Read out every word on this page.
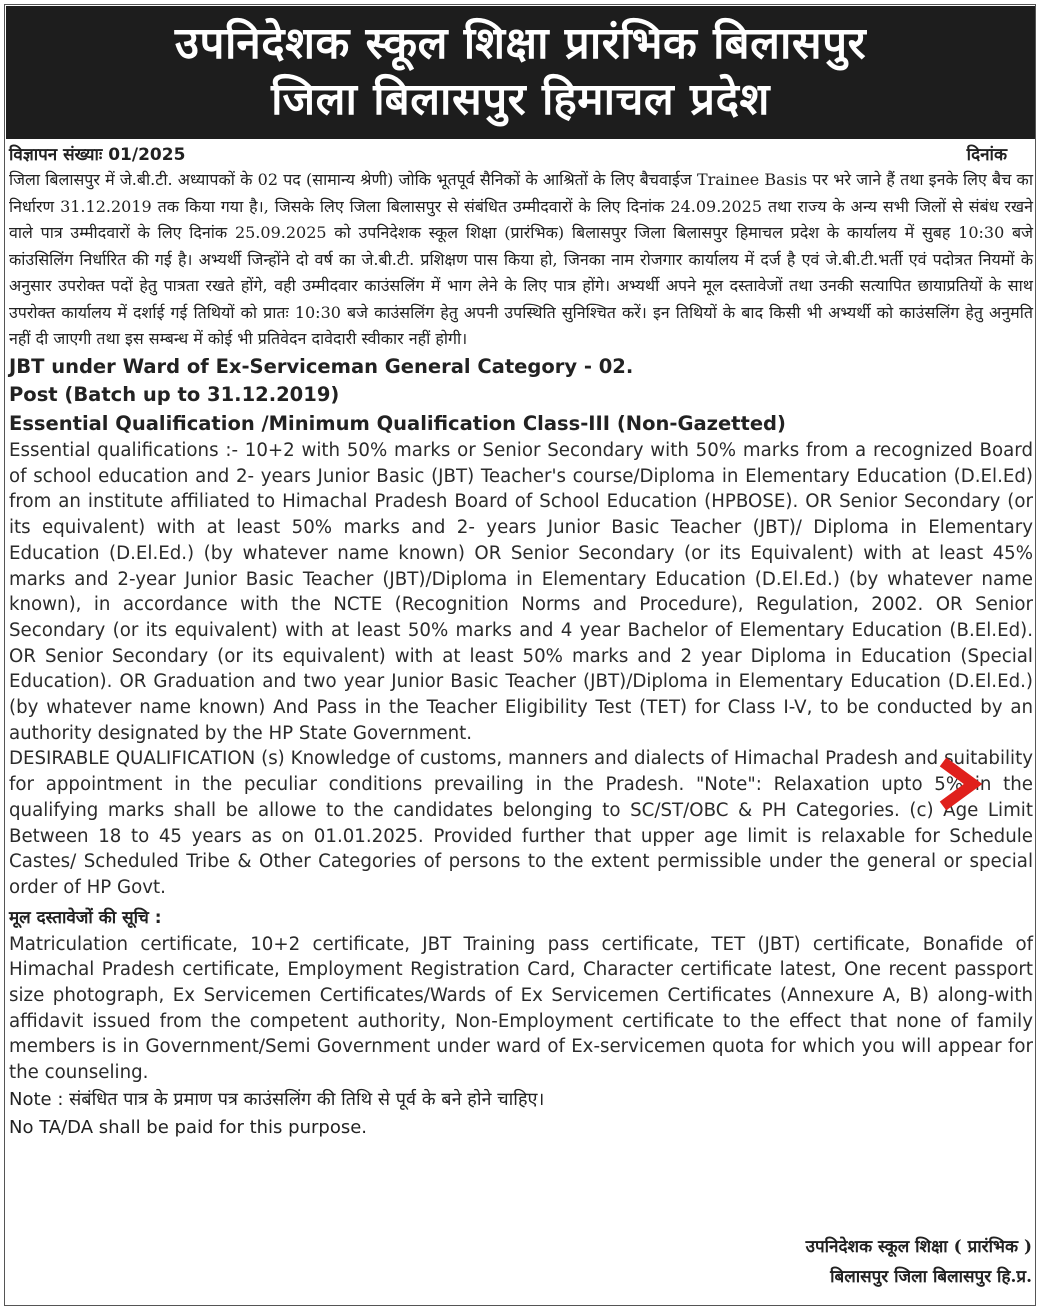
उपनिदेशक स्कूल शिक्षा प्रारंभिक बिलासपुर
जिला बिलासपुर हिमाचल प्रदेश
विज्ञापन संख्याः 01/2025	दिनांक
जिला बिलासपुर में जे.बी.टी. अध्यापकों के 02 पद (सामान्य श्रेणी) जोकि भूतपूर्व सैनिकों के आश्रितों के लिए बैचवाईज Trainee Basis पर भरे जाने हैं तथा इनके लिए बैच का निर्धारण 31.12.2019 तक किया गया है।, जिसके लिए जिला बिलासपुर से संबंधित उम्मीदवारों के लिए दिनांक 24.09.2025 तथा राज्य के अन्य सभी जिलों से संबंध रखने वाले पात्र उम्मीदवारों के लिए दिनांक 25.09.2025 को उपनिदेशक स्कूल शिक्षा (प्रारंभिक) बिलासपुर जिला बिलासपुर हिमाचल प्रदेश के कार्यालय में सुबह 10:30 बजे कांउसिलिंग निर्धारित की गई है। अभ्यर्थी जिन्होंने दो वर्ष का जे.बी.टी. प्रशिक्षण पास किया हो, जिनका नाम रोजगार कार्यालय में दर्ज है एवं जे.बी.टी.भर्ती एवं पदोत्रत नियमों के अनुसार उपरोक्त पदों हेतु पात्रता रखते होंगे, वही उम्मीदवार काउंसलिंग में भाग लेने के लिए पात्र होंगे। अभ्यर्थी अपने मूल दस्तावेजों तथा उनकी सत्यापित छायाप्रतियों के साथ उपरोक्त कार्यालय में दर्शाई गई तिथियों को प्रातः 10:30 बजे काउंसलिंग हेतु अपनी उपस्थिति सुनिश्चित करें। इन तिथियों के बाद किसी भी अभ्यर्थी को काउंसलिंग हेतु अनुमति नहीं दी जाएगी तथा इस सम्बन्ध में कोई भी प्रतिवेदन दावेदारी स्वीकार नहीं होगी।
JBT under Ward of Ex-Serviceman General Category - 02.
Post (Batch up to 31.12.2019)
Essential Qualification /Minimum Qualification Class-III (Non-Gazetted)
Essential qualifications :- 10+2 with 50% marks or Senior Secondary with 50% marks from a recognized Board of school education and 2- years Junior Basic (JBT) Teacher's course/Diploma in Elementary Education (D.El.Ed) from an institute affiliated to Himachal Pradesh Board of School Education (HPBOSE). OR Senior Secondary (or its equivalent) with at least 50% marks and 2- years Junior Basic Teacher (JBT)/ Diploma in Elementary Education (D.El.Ed.) (by whatever name known) OR Senior Secondary (or its Equivalent) with at least 45% marks and 2-year Junior Basic Teacher (JBT)/Diploma in Elementary Education (D.El.Ed.) (by whatever name known), in accordance with the NCTE (Recognition Norms and Procedure), Regulation, 2002. OR Senior Secondary (or its equivalent) with at least 50% marks and 4 year Bachelor of Elementary Education (B.El.Ed). OR Senior Secondary (or its equivalent) with at least 50% marks and 2 year Diploma in Education (Special Education). OR Graduation and two year Junior Basic Teacher (JBT)/Diploma in Elementary Education (D.El.Ed.) (by whatever name known) And Pass in the Teacher Eligibility Test (TET) for Class I-V, to be conducted by an authority designated by the HP State Government.
DESIRABLE QUALIFICATION (s) Knowledge of customs, manners and dialects of Himachal Pradesh and suitability for appointment in the peculiar conditions prevailing in the Pradesh. "Note": Relaxation upto 5% in the qualifying marks shall be allowe to the candidates belonging to SC/ST/OBC & PH Categories. (c) Age Limit Between 18 to 45 years as on 01.01.2025. Provided further that upper age limit is relaxable for Schedule Castes/ Scheduled Tribe & Other Categories of persons to the extent permissible under the general or special order of HP Govt.
मूल दस्तावेजों की सूचि :
Matriculation certificate, 10+2 certificate, JBT Training pass certificate, TET (JBT) certificate, Bonafide of Himachal Pradesh certificate, Employment Registration Card, Character certificate latest, One recent passport size photograph, Ex Servicemen Certificates/Wards of Ex Servicemen Certificates (Annexure A, B) along-with affidavit issued from the competent authority, Non-Employment certificate to the effect that none of family members is in Government/Semi Government under ward of Ex-servicemen quota for which you will appear for the counseling.
Note : संबंधित पात्र के प्रमाण पत्र काउंसलिंग की तिथि से पूर्व के बने होने चाहिए।
No TA/DA shall be paid for this purpose.
उपनिदेशक स्कूल शिक्षा ( प्रारंभिक )
बिलासपुर जिला बिलासपुर हि.प्र.
